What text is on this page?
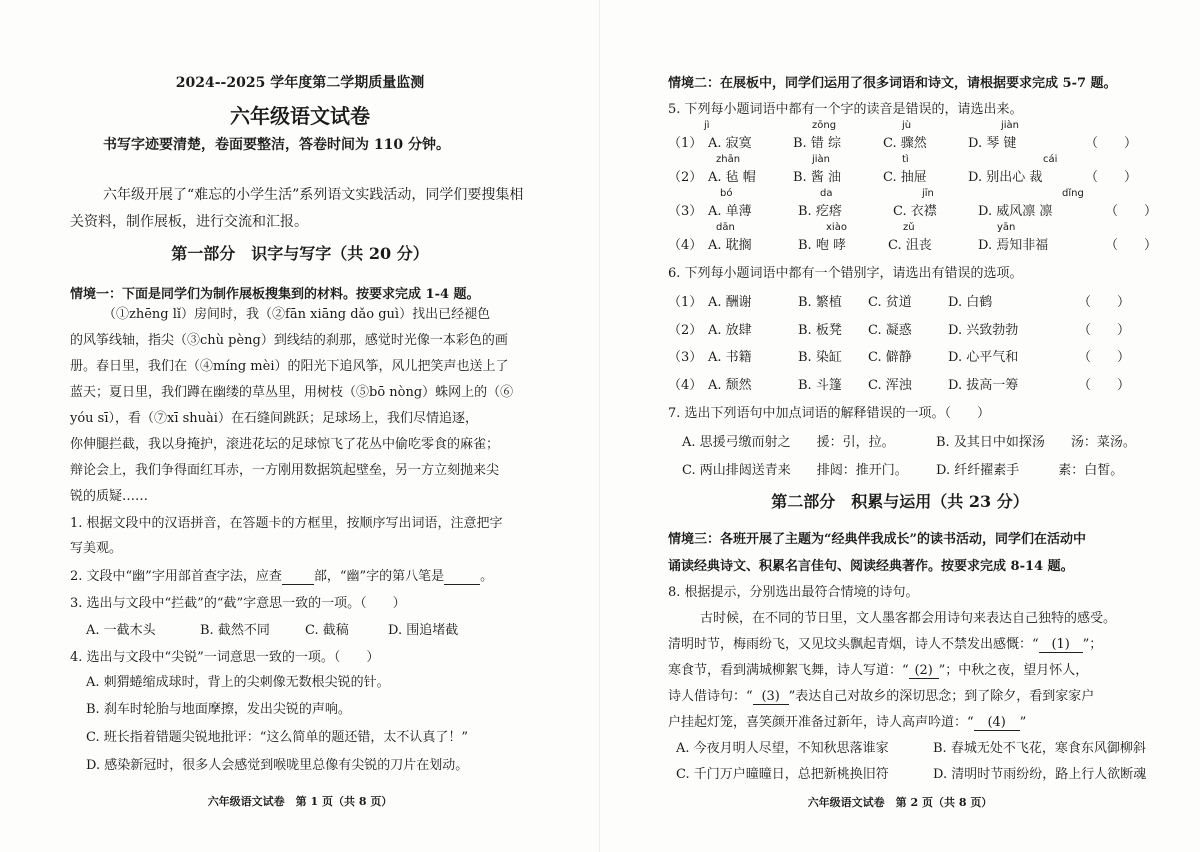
2024--2025 学年度第二学期质量监测
六年级语文试卷
书写字迹要清楚，卷面要整洁，答卷时间为 110 分钟。
六年级开展了“难忘的小学生活”系列语文实践活动，同学们要搜集相
关资料，制作展板，进行交流和汇报。
第一部分　识字与写字（共 20 分）
情境一：下面是同学们为制作展板搜集到的材料。按要求完成 1-4 题。
（①zhēng lǐ）房间时，我（②fān xiāng dǎo guì）找出已经褪色
的风筝线轴，指尖（③chù pèng）到线结的刹那，感觉时光像一本彩色的画
册。春日里，我们在（④míng mèi）的阳光下追风筝，风儿把笑声也送上了
蓝天；夏日里，我们蹲在幽缕的草丛里，用树枝（⑤bō nòng）蛛网上的（⑥
yóu sī），看（⑦xī shuài）在石缝间跳跃；足球场上，我们尽情追逐，
你伸腿拦截，我以身掩护，滚进花坛的足球惊飞了花丛中偷吃零食的麻雀；
辩论会上，我们争得面红耳赤，一方刚用数据筑起壁垒，另一方立刻抛来尖
锐的质疑……
1. 根据文段中的汉语拼音，在答题卡的方框里，按顺序写出词语，注意把字
写美观。
2. 文段中“幽”字用部首查字法，应查 部，“幽”字的第八笔是	。
3. 选出与文段中“拦截”的“截”字意思一致的一项。（　　）
A. 一截木头	B. 截然不同	C. 截稿	D. 围追堵截
4. 选出与文段中“尖锐”一词意思一致的一项。（　　）
A. 刺猬蜷缩成球时，背上的尖刺像无数根尖锐的针。
B. 刹车时轮胎与地面摩擦，发出尖锐的声响。
C. 班长指着错题尖锐地批评：“这么简单的题还错，太不认真了！”
D. 感染新冠时，很多人会感觉到喉咙里总像有尖锐的刀片在划动。
六年级语文试卷　第 1 页（共 8 页）
情境二：在展板中，同学们运用了很多词语和诗文，请根据要求完成 5-7 题。
5. 下列每小题词语中都有一个字的读音是错误的，请选出来。
jì	zōng	jù	jiàn
（1） A. 寂寞	B. 错 综	C. 骤然	D. 琴 键	（　　）
zhān	jiàn	tì	cái
（2） A. 毡 帽	B. 酱 油	C. 抽屉	D. 别出心 裁	（　　）
bó	da	jīn	dǐng
（3） A. 单薄	B. 疙瘩	C. 衣襟	D. 威风凛 凛	（　　）
dān	xiào	zǔ	yān
（4） A. 耽搁	B. 咆 哮	C. 沮丧	D. 焉知非福	（　　）
6. 下列每小题词语中都有一个错别字，请选出有错误的选项。
（1） A. 酬谢	B. 繁植 C. 贫道	D. 白鹤	（　　）
（2） A. 放肆	B. 板凳 C. 凝惑	D. 兴致勃勃	（　　）
（3） A. 书籍	B. 染缸 C. 僻静	D. 心平气和	（　　）
（4） A. 颓然	B. 斗篷 C. 浑浊	D. 拔高一筹	（　　）
7. 选出下列语句中加点词语的解释错误的一项。（　　）
A. 思援弓缴而射之　　援：引，拉。	B. 及其日中如探汤　　汤：菜汤。
C. 两山排闼送青来　　排闼：推开门。 D. 纤纤擢素手　　　素：白皙。
第二部分　积累与运用（共 23 分）
情境三：各班开展了主题为“经典伴我成长”的读书活动，同学们在活动中
诵读经典诗文、积累名言佳句、阅读经典著作。按要求完成 8-14 题。
8. 根据提示，分别选出最符合情境的诗句。
古时候，在不同的节日里，文人墨客都会用诗句来表达自己独特的感受。
清明时节，梅雨纷飞，又见坟头飘起青烟，诗人不禁发出感慨：“ (1) ”；
寒食节，看到满城柳絮飞舞，诗人写道：“ (2) ”；中秋之夜，望月怀人，
诗人借诗句：“ (3) ”表达自己对故乡的深切思念；到了除夕，看到家家户
户挂起灯笼，喜笑颜开准备过新年，诗人高声吟道：“ (4) ”
A. 今夜月明人尽望，不知秋思落谁家	B. 春城无处不飞花，寒食东风御柳斜
C. 千门万户曈曈日，总把新桃换旧符	D. 清明时节雨纷纷，路上行人欲断魂
六年级语文试卷　第 2 页（共 8 页）
